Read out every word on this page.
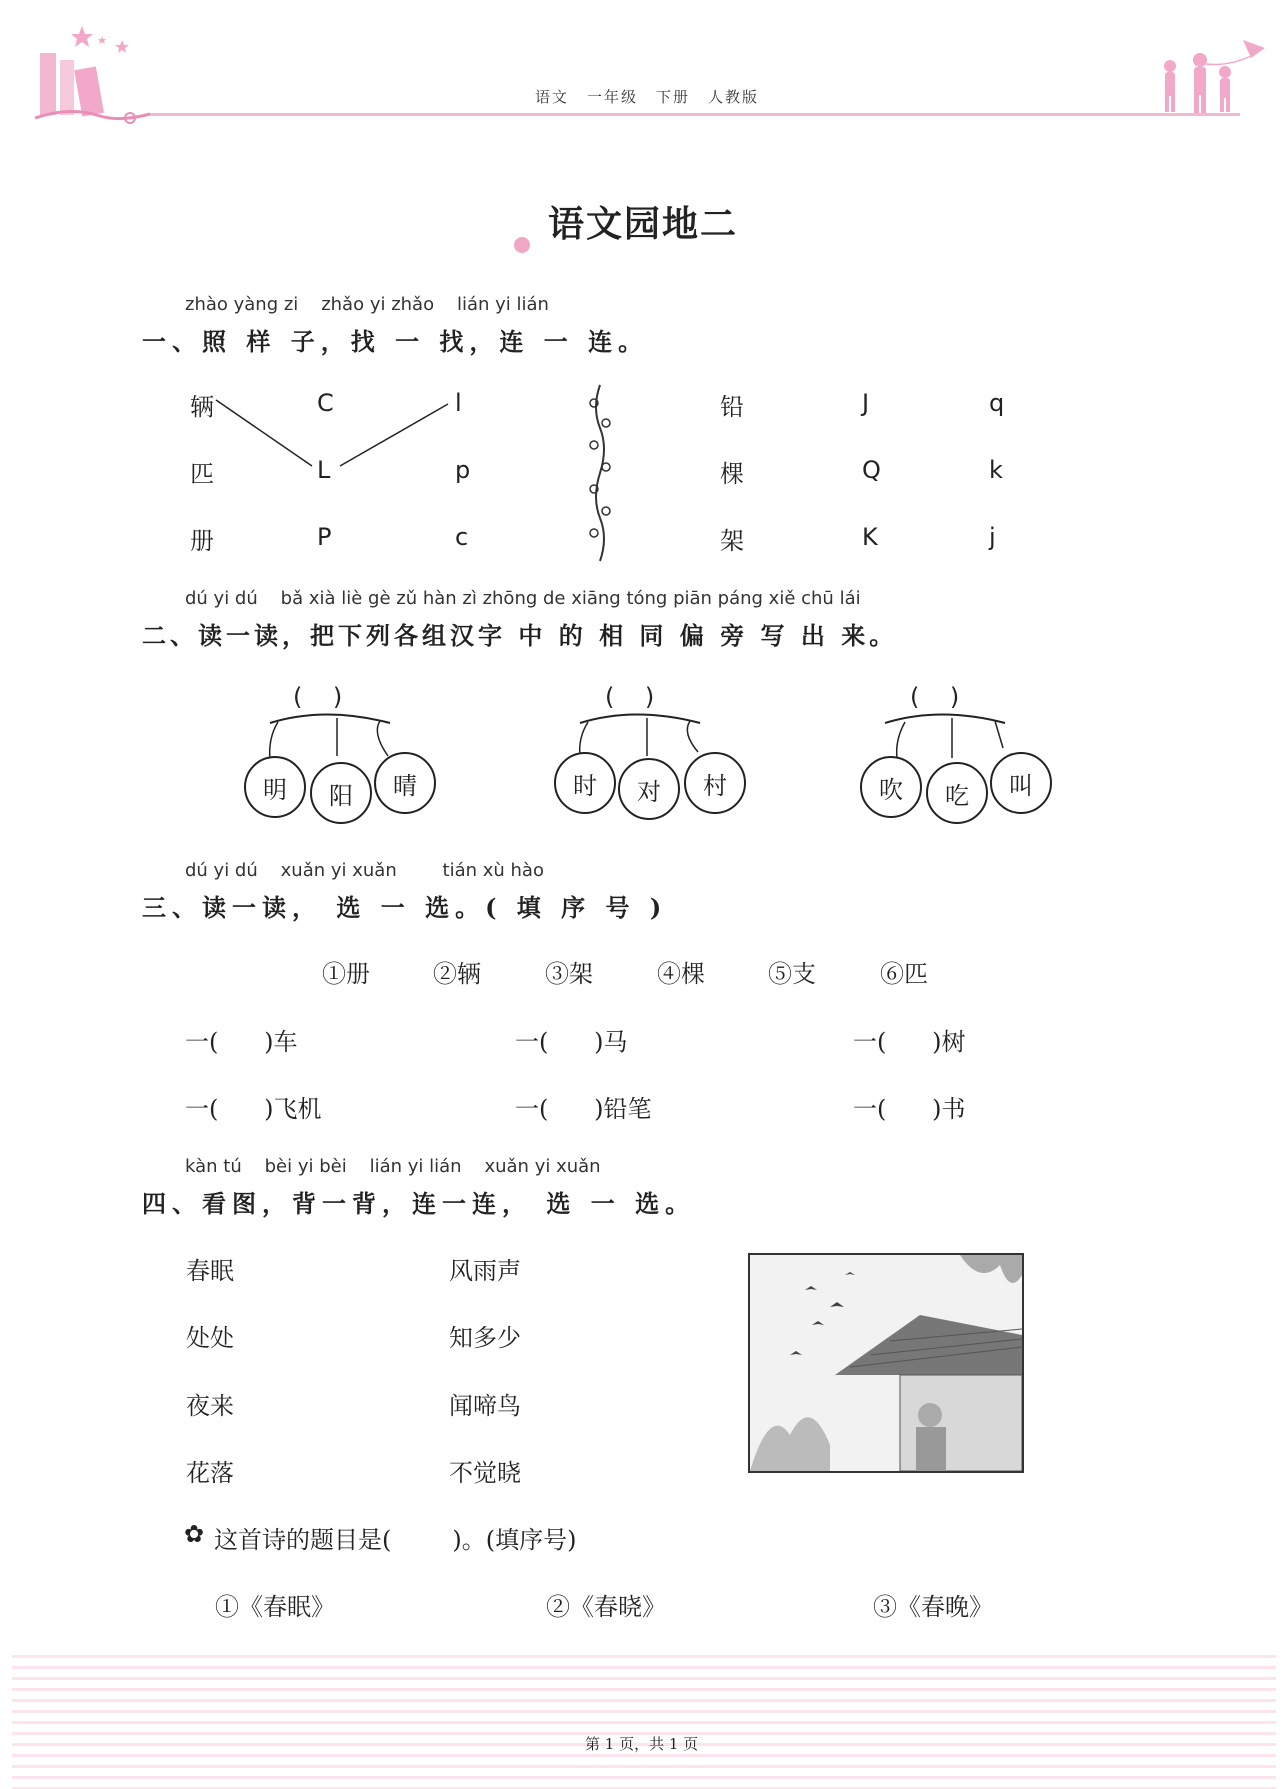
语文 一年级 下册 人教版
语文园地二
zhào yàng zi    zhǎo yi zhǎo    lián yi lián
一、照 样 子，找 一 找，连 一 连。
辆
匹
册
C
L
P
l
p
c
铅
棵
架
J
Q
K
q
k
j
dú yi dú    bǎ xià liè gè zǔ hàn zì zhōng de xiāng tóng piān páng xiě chū lái
二、读一读，把下列各组汉字 中 的 相 同 偏 旁 写 出 来。
(    )
明	阳	晴
(    )
时	对	村
(    )
吹	吃	叫
dú yi dú    xuǎn yi xuǎn        tián xù hào
三、读一读， 选 一 选。( 填 序 号 )
①册	②辆	③架	④棵	⑤支	⑥匹
一(      )车	一(      )马	一(      )树
一(      )飞机	一(      )铅笔	一(      )书
kàn tú    bèi yi bèi    lián yi lián    xuǎn yi xuǎn
四、看图，背一背，连一连， 选 一 选。
春眠
处处
夜来
花落
风雨声
知多少
闻啼鸟
不觉晓
✿ 这首诗的题目是(        )。(填序号)
①《春眠》	②《春晓》	③《春晚》
第 1 页，共 1 页
